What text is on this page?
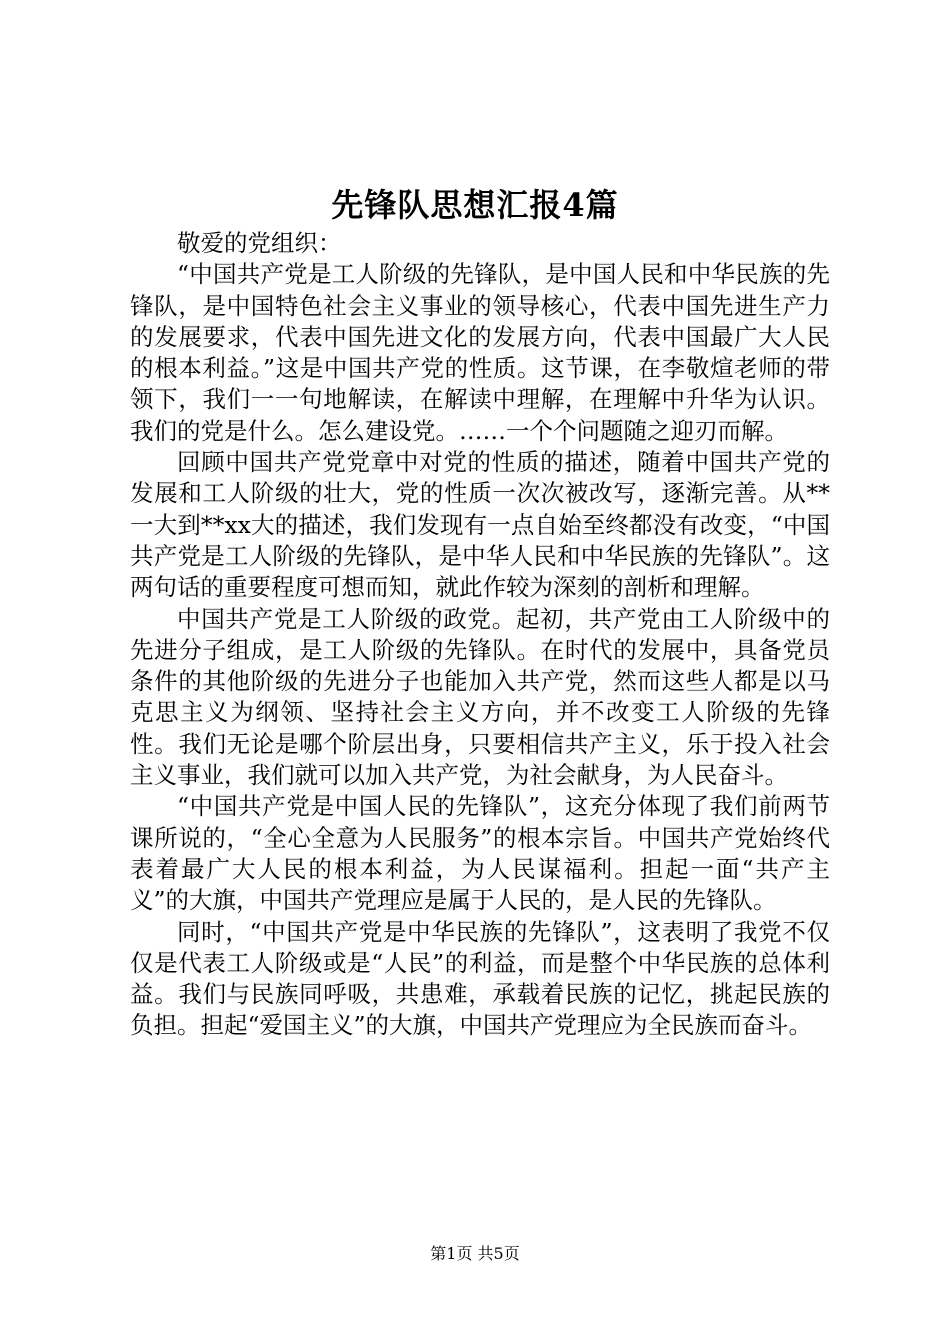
先锋队思想汇报4篇

敬爱的党组织：

“中国共产党是工人阶级的先锋队，是中国人民和中华民族的先锋队，是中国特色社会主义事业的领导核心，代表中国先进生产力的发展要求，代表中国先进文化的发展方向，代表中国最广大人民的根本利益。”这是中国共产党的性质。这节课，在李敬煊老师的带领下，我们一一句地解读，在解读中理解，在理解中升华为认识。我们的党是什么。怎么建设党。……一个个问题随之迎刃而解。

回顾中国共产党党章中对党的性质的描述，随着中国共产党的发展和工人阶级的壮大，党的性质一次次被改写，逐渐完善。从**一大到**xx大的描述，我们发现有一点自始至终都没有改变，“中国共产党是工人阶级的先锋队，是中华人民和中华民族的先锋队”。这两句话的重要程度可想而知，就此作较为深刻的剖析和理解。

中国共产党是工人阶级的政党。起初，共产党由工人阶级中的先进分子组成，是工人阶级的先锋队。在时代的发展中，具备党员条件的其他阶级的先进分子也能加入共产党，然而这些人都是以马克思主义为纲领、坚持社会主义方向，并不改变工人阶级的先锋性。我们无论是哪个阶层出身，只要相信共产主义，乐于投入社会主义事业，我们就可以加入共产党，为社会献身，为人民奋斗。

“中国共产党是中国人民的先锋队”，这充分体现了我们前两节课所说的，“全心全意为人民服务”的根本宗旨。中国共产党始终代表着最广大人民的根本利益，为人民谋福利。担起一面“共产主义”的大旗，中国共产党理应是属于人民的，是人民的先锋队。

同时，“中国共产党是中华民族的先锋队”，这表明了我党不仅仅是代表工人阶级或是“人民”的利益，而是整个中华民族的总体利益。我们与民族同呼吸，共患难，承载着民族的记忆，挑起民族的负担。担起“爱国主义”的大旗，中国共产党理应为全民族而奋斗。

第1页 共5页
